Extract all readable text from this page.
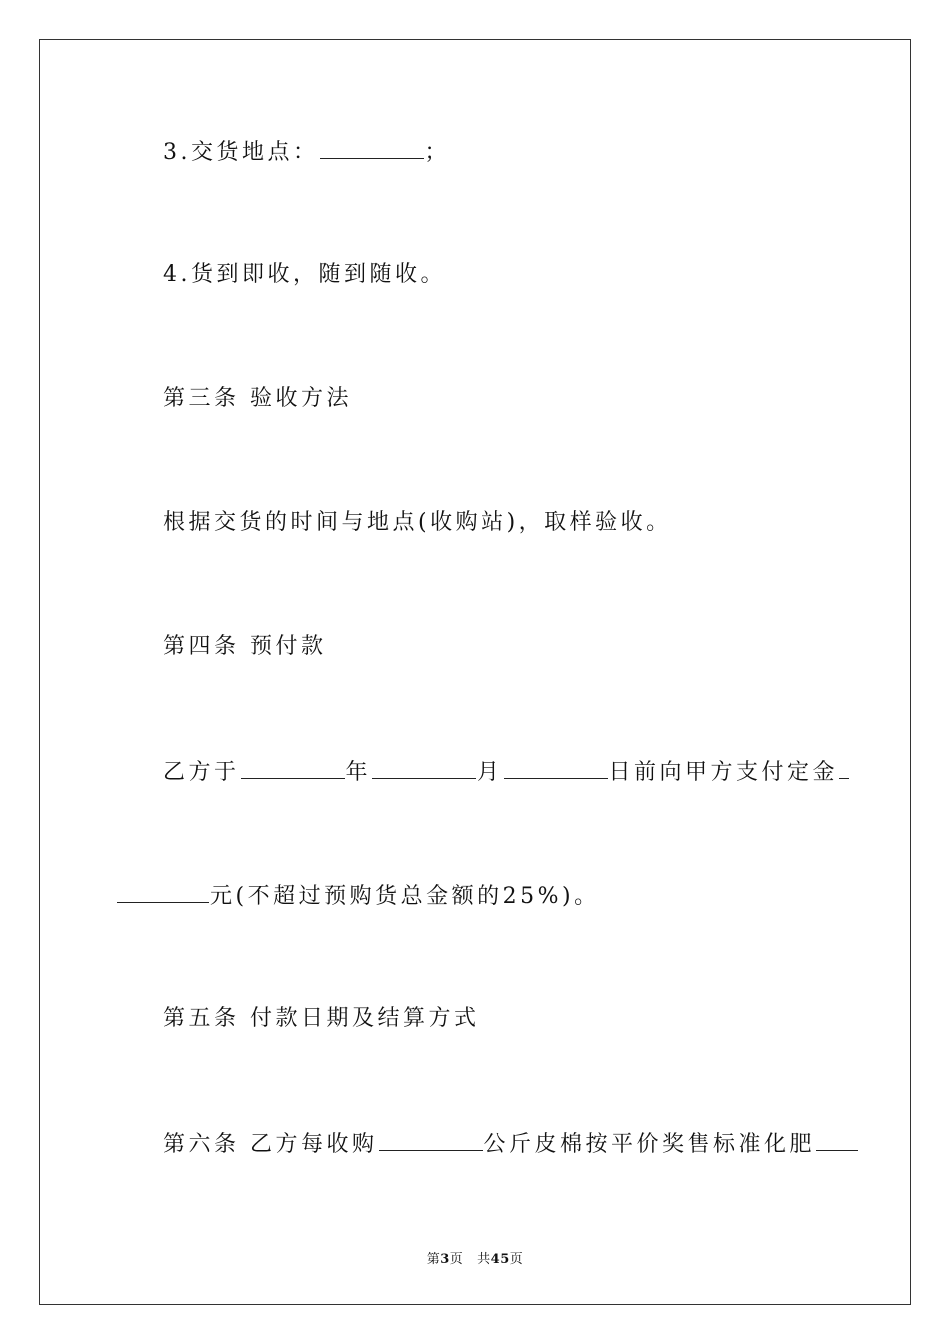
3.交货地点：	；
4.货到即收，随到随收。
第三条 验收方法
根据交货的时间与地点(收购站)，取样验收。
第四条 预付款
乙方于	年	月	日前向甲方支付定金
元(不超过预购货总金额的25%)。
第五条 付款日期及结算方式
第六条 乙方每收购	公斤皮棉按平价奖售标准化肥
第3页   共45页
